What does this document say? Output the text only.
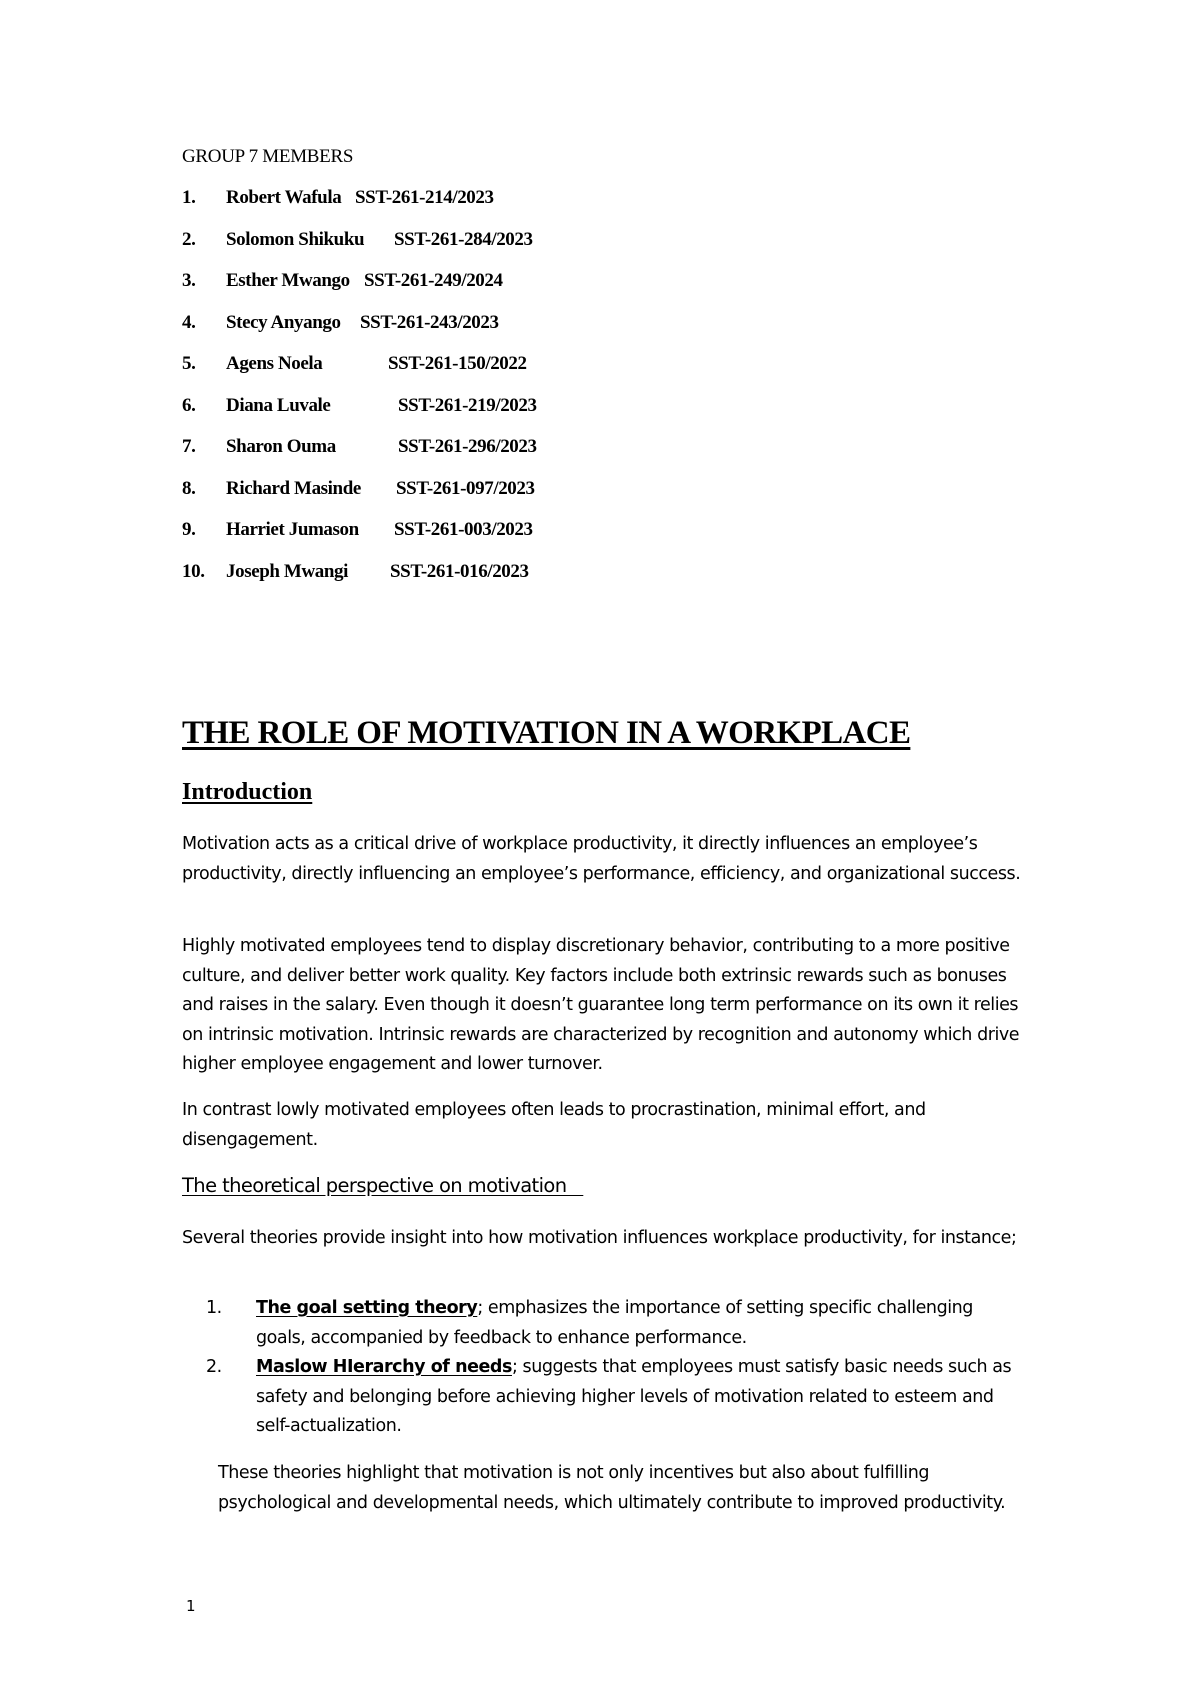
GROUP 7 MEMBERS
1. Robert Wafula SST-261-214/2023
2. Solomon Shikuku SST-261-284/2023
3. Esther Mwango SST-261-249/2024
4. Stecy Anyango SST-261-243/2023
5. Agens Noela	SST-261-150/2022
6. Diana Luvale	SST-261-219/2023
7. Sharon Ouma	SST-261-296/2023
8. Richard Masinde SST-261-097/2023
9. Harriet Jumason SST-261-003/2023
10. Joseph Mwangi SST-261-016/2023
THE ROLE OF MOTIVATION IN A WORKPLACE
Introduction

Motivation acts as a critical drive of workplace productivity, it directly influences an employee’s productivity, directly influencing an employee’s performance, efficiency, and organizational success.

Highly motivated employees tend to display discretionary behavior, contributing to a more positive culture, and deliver better work quality. Key factors include both extrinsic rewards such as bonuses and raises in the salary. Even though it doesn’t guarantee long term performance on its own it relies on intrinsic motivation. Intrinsic rewards are characterized by recognition and autonomy which drive higher employee engagement and lower turnover.

In contrast lowly motivated employees often leads to procrastination, minimal effort, and disengagement.

The theoretical perspective on motivation

Several theories provide insight into how motivation influences workplace productivity, for instance;

1. The goal setting theory; emphasizes the importance of setting specific challenging goals, accompanied by feedback to enhance performance.
2. Maslow HIerarchy of needs; suggests that employees must satisfy basic needs such as safety and belonging before achieving higher levels of motivation related to esteem and self-actualization.

These theories highlight that motivation is not only incentives but also about fulfilling psychological and developmental needs, which ultimately contribute to improved productivity.

1
